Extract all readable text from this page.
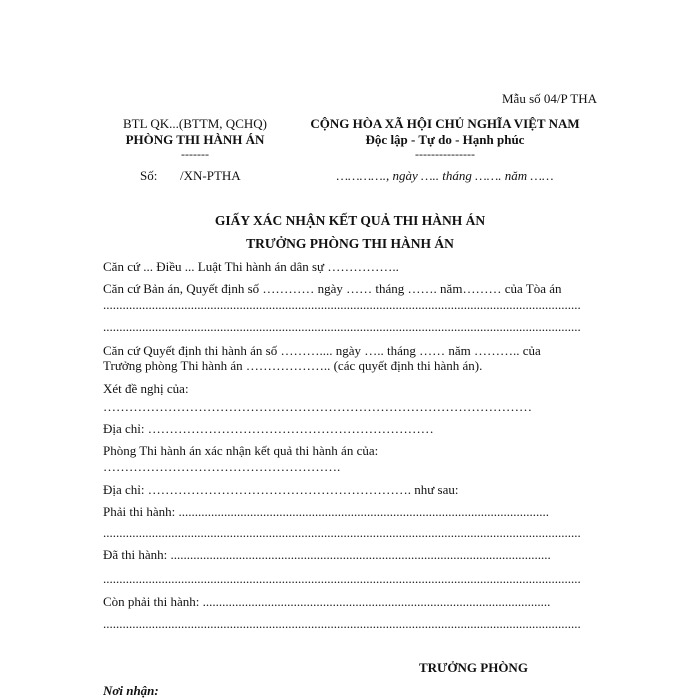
Mẫu số 04/P THA
BTL QK...(BTTM, QCHQ)
PHÒNG THI HÀNH ÁN
-------
Số: /XN-PTHA
CỘNG HÒA XÃ HỘI CHỦ NGHĨA VIỆT NAM
Độc lập - Tự do - Hạnh phúc
---------------
…………., ngày ….. tháng ……. năm ……
GIẤY XÁC NHẬN KẾT QUẢ THI HÀNH ÁN
TRƯỞNG PHÒNG THI HÀNH ÁN
Căn cứ ... Điều ... Luật Thi hành án dân sự ……………..
Căn cứ Bản án, Quyết định số ………… ngày …… tháng ……. năm……… của Tòa án
...................................................................................................................................................
...................................................................................................................................................
Căn cứ Quyết định thi hành án số ……….... ngày ….. tháng …… năm ……….. của
Trưởng phòng Thi hành án ……………….. (các quyết định thi hành án).
Xét đề nghị của:
………………………………………………………………………………………
Địa chỉ: …………………………………………………………
Phòng Thi hành án xác nhận kết quả thi hành án của:
……………………………………………….
Địa chỉ: ……………………………………………………. như sau:
Phải thi hành: ..................................................................................................................
...................................................................................................................................................
Đã thi hành: .....................................................................................................................
...................................................................................................................................................
Còn phải thi hành: ...........................................................................................................
...................................................................................................................................................
TRƯỞNG PHÒNG
Nơi nhận:
